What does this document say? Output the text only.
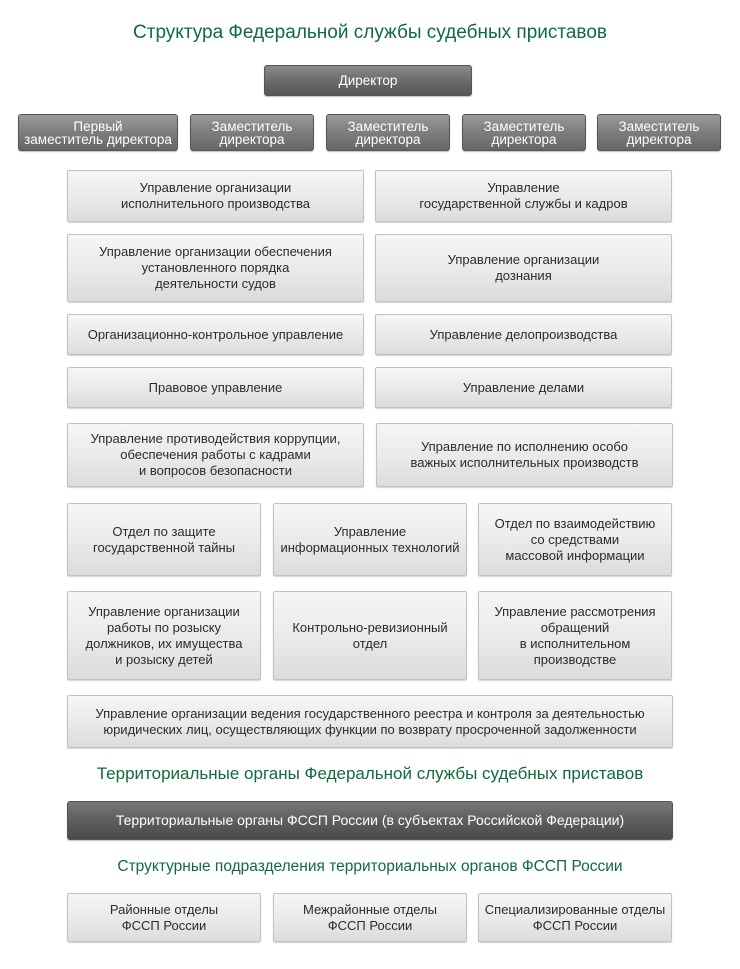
Структура Федеральной службы судебных приставов
Директор
Первый
заместитель директора
Заместитель
директора
Заместитель
директора
Заместитель
директора
Заместитель
директора
Управление организации
исполнительного производства
Управление
государственной службы и кадров
Управление организации обеспечения
установленного порядка
деятельности судов
Управление организации
дознания
Организационно-контрольное управление	Управление делопроизводства
Правовое управление	Управление делами
Управление противодействия коррупции,
обеспечения работы с кадрами
и вопросов безопасности
Управление по исполнению особо
важных исполнительных производств
Отдел по защите
государственной тайны
Управление
информационных технологий
Отдел по взаимодействию
со средствами
массовой информации
Управление организации
работы по розыску
должников, их имущества
и розыску детей
Контрольно-ревизионный
отдел
Управление рассмотрения
обращений
в исполнительном
производстве
Управление организации ведения государственного реестра и контроля за деятельностью
юридических лиц, осуществляющих функции по возврату просроченной задолженности
Территориальные органы Федеральной службы судебных приставов
Территориальные органы ФССП России (в субъектах Российской Федерации)
Структурные подразделения территориальных органов ФССП России
Районные отделы
ФССП России
Межрайонные отделы
ФССП России
Специализированные отделы
ФССП России
